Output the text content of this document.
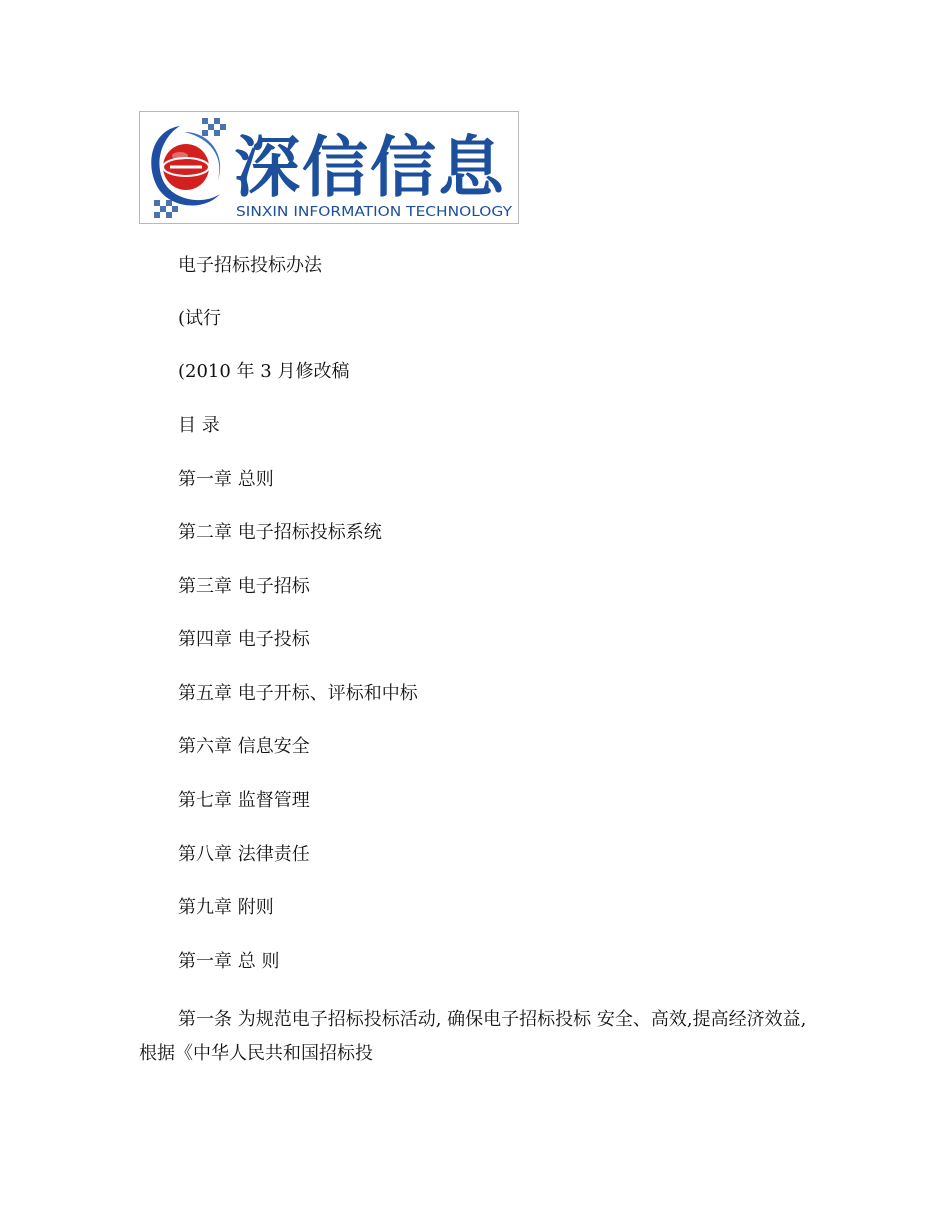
深信信息
SINXIN INFORMATION TECHNOLOGY
电子招标投标办法
(试行
(2010 年 3 月修改稿
目 录
第一章 总则
第二章 电子招标投标系统
第三章 电子招标
第四章 电子投标
第五章 电子开标、评标和中标
第六章 信息安全
第七章 监督管理
第八章 法律责任
第九章 附则
第一章 总 则
第一条 为规范电子招标投标活动, 确保电子招标投标 安全、高效,提高经济效益,根据《中华人民共和国招标投
